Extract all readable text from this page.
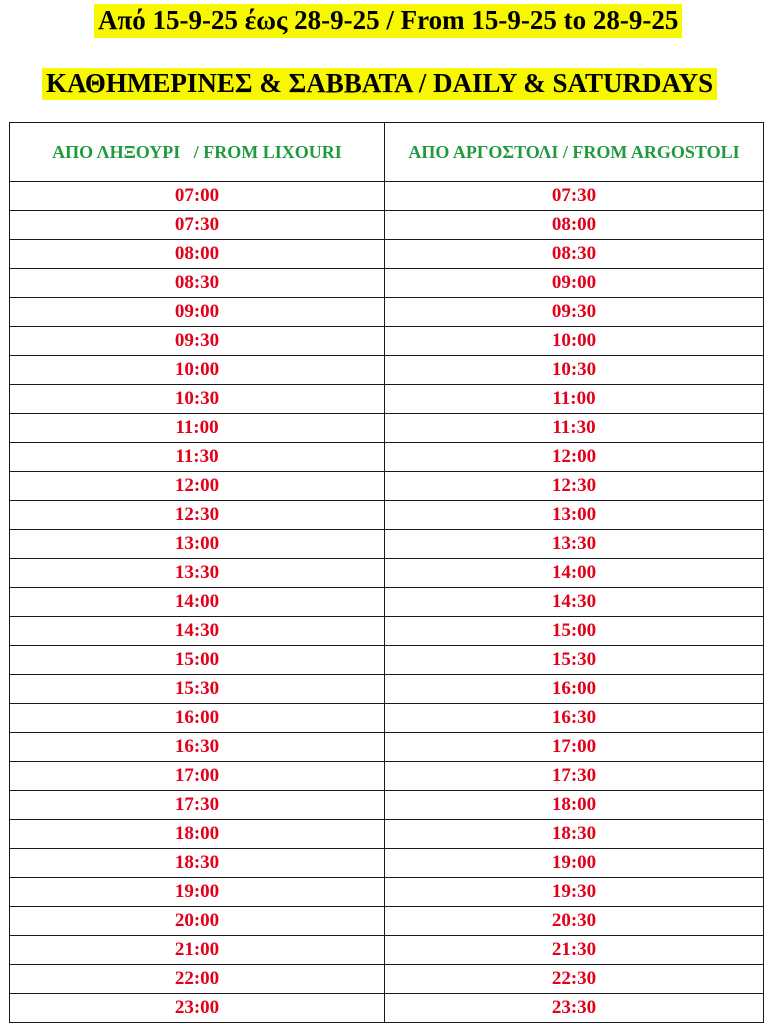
Από 15-9-25 έως 28-9-25 / From 15-9-25 to 28-9-25
ΚΑΘΗΜΕΡΙΝΕΣ & ΣΑΒΒΑΤΑ / DAILY & SATURDAYS
ΑΠΟ ΛΗΞΟΥΡΙ   / FROM LIXOURI	ΑΠΟ ΑΡΓΟΣΤΟΛΙ / FROM ARGOSTOLI
07:00	07:30
07:30	08:00
08:00	08:30
08:30	09:00
09:00	09:30
09:30	10:00
10:00	10:30
10:30	11:00
11:00	11:30
11:30	12:00
12:00	12:30
12:30	13:00
13:00	13:30
13:30	14:00
14:00	14:30
14:30	15:00
15:00	15:30
15:30	16:00
16:00	16:30
16:30	17:00
17:00	17:30
17:30	18:00
18:00	18:30
18:30	19:00
19:00	19:30
20:00	20:30
21:00	21:30
22:00	22:30
23:00	23:30
